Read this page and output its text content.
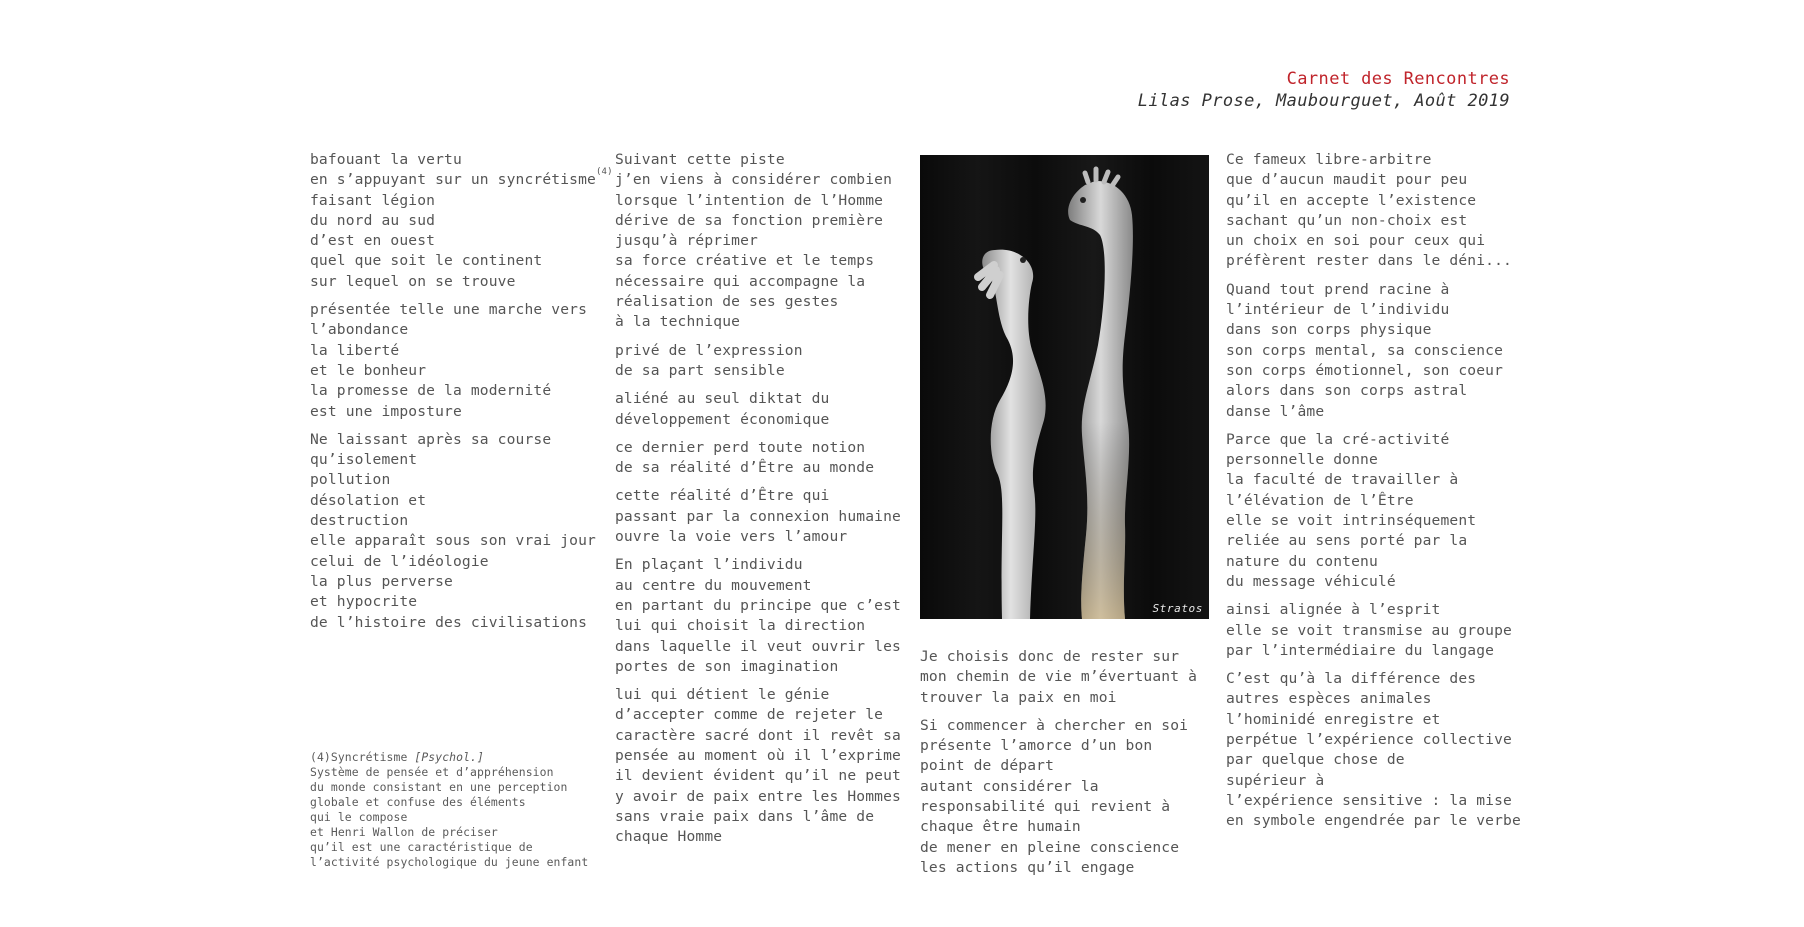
Carnet des Rencontres
Lilas Prose, Maubourguet, Août 2019
bafouant la vertu
en s’appuyant sur un syncrétisme$^{(4)}$
faisant légion
du nord au sud
d’est en ouest
quel que soit le continent
sur lequel on se trouve
présentée telle une marche vers
l’abondance
la liberté
et le bonheur
la promesse de la modernité
est une imposture
Ne laissant après sa course
qu’isolement
pollution
désolation et
destruction
elle apparaît sous son vrai jour
celui de l’idéologie
la plus perverse
et hypocrite
de l’histoire des civilisations
Suivant cette piste
j’en viens à considérer combien
lorsque l’intention de l’Homme
dérive de sa fonction première
jusqu’à réprimer
sa force créative et le temps
nécessaire qui accompagne la
réalisation de ses gestes
à la technique
privé de l’expression
de sa part sensible
aliéné au seul diktat du
développement économique
ce dernier perd toute notion
de sa réalité d’Être au monde
cette réalité d’Être qui
passant par la connexion humaine
ouvre la voie vers l’amour
En plaçant l’individu
au centre du mouvement
en partant du principe que c’est
lui qui choisit la direction
dans laquelle il veut ouvrir les
portes de son imagination
lui qui détient le génie
d’accepter comme de rejeter le
caractère sacré dont il revêt sa
pensée au moment où il l’exprime
il devient évident qu’il ne peut
y avoir de paix entre les Hommes
sans vraie paix dans l’âme de
chaque Homme
Je choisis donc de rester sur
mon chemin de vie m’évertuant à
trouver la paix en moi
Si commencer à chercher en soi
présente l’amorce d’un bon
point de départ
autant considérer la
responsabilité qui revient à
chaque être humain
de mener en pleine conscience
les actions qu’il engage
Ce fameux libre-arbitre
que d’aucun maudit pour peu
qu’il en accepte l’existence
sachant qu’un non-choix est
un choix en soi pour ceux qui
préfèrent rester dans le déni...
Quand tout prend racine à
l’intérieur de l’individu
dans son corps physique
son corps mental, sa conscience
son corps émotionnel, son coeur
alors dans son corps astral
danse l’âme
Parce que la cré-activité
personnelle donne
la faculté de travailler à
l’élévation de l’Être
elle se voit intrinséquement
reliée au sens porté par la
nature du contenu
du message véhiculé
ainsi alignée à l’esprit
elle se voit transmise au groupe
par l’intermédiaire du langage
C’est qu’à la différence des
autres espèces animales
l’hominidé enregistre et
perpétue l’expérience collective
par quelque chose de
supérieur à
l’expérience sensitive : la mise
en symbole engendrée par le verbe
(4)Syncrétisme [Psychol.]
Système de pensée et d’appréhension
du monde consistant en une perception
globale et confuse des éléments
qui le compose
et Henri Wallon de préciser
qu’il est une caractéristique de
l’activité psychologique du jeune enfant
Stratos
